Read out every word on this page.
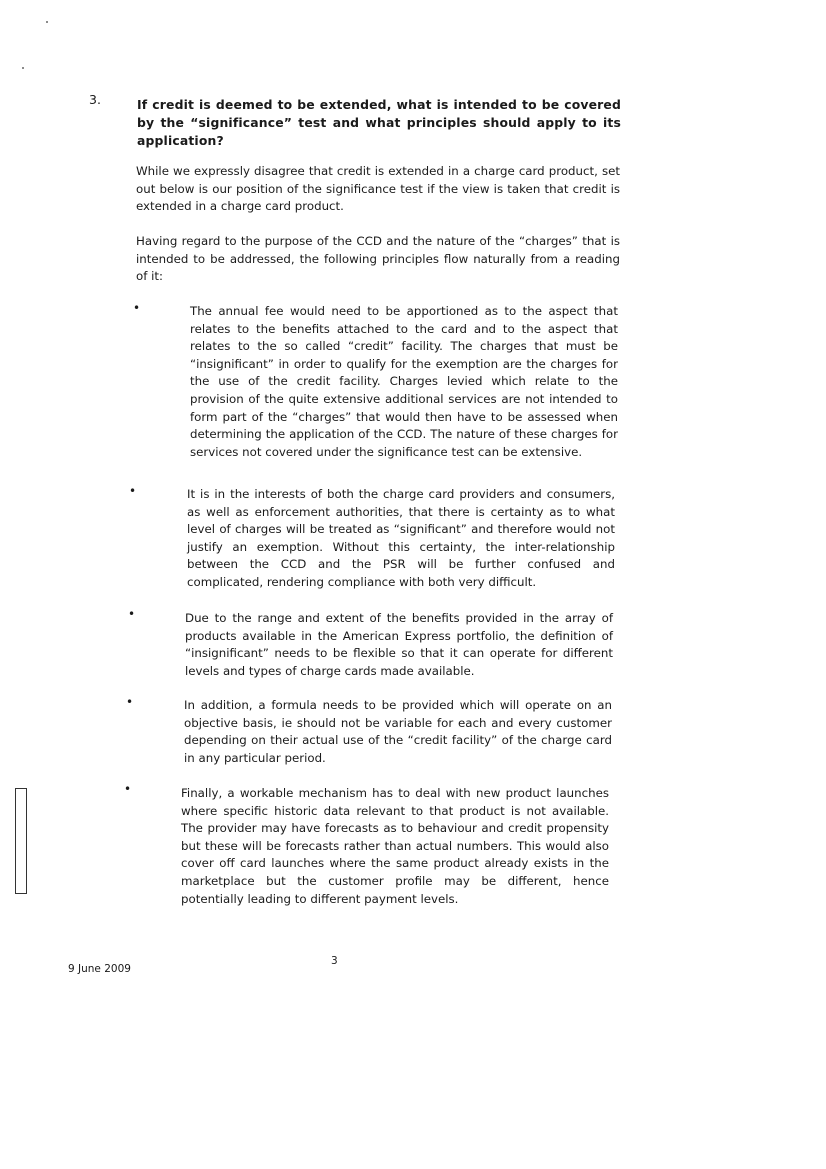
3.	If credit is deemed to be extended, what is intended to be covered by the “significance” test and what principles should apply to its application?

While we expressly disagree that credit is extended in a charge card product, set out below is our position of the significance test if the view is taken that credit is extended in a charge card product.

Having regard to the purpose of the CCD and the nature of the “charges” that is intended to be addressed, the following principles flow naturally from a reading of it:

•	The annual fee would need to be apportioned as to the aspect that relates to the benefits attached to the card and to the aspect that relates to the so called “credit” facility. The charges that must be “insignificant” in order to qualify for the exemption are the charges for the use of the credit facility. Charges levied which relate to the provision of the quite extensive additional services are not intended to form part of the “charges” that would then have to be assessed when determining the application of the CCD. The nature of these charges for services not covered under the significance test can be extensive.

•	It is in the interests of both the charge card providers and consumers, as well as enforcement authorities, that there is certainty as to what level of charges will be treated as “significant” and therefore would not justify an exemption. Without this certainty, the inter-relationship between the CCD and the PSR will be further confused and complicated, rendering compliance with both very difficult.

•	Due to the range and extent of the benefits provided in the array of products available in the American Express portfolio, the definition of “insignificant” needs to be flexible so that it can operate for different levels and types of charge cards made available.

•	In addition, a formula needs to be provided which will operate on an objective basis, ie should not be variable for each and every customer depending on their actual use of the “credit facility” of the charge card in any particular period.

•	Finally, a workable mechanism has to deal with new product launches where specific historic data relevant to that product is not available. The provider may have forecasts as to behaviour and credit propensity but these will be forecasts rather than actual numbers. This would also cover off card launches where the same product already exists in the marketplace but the customer profile may be different, hence potentially leading to different payment levels.

3
9 June 2009
